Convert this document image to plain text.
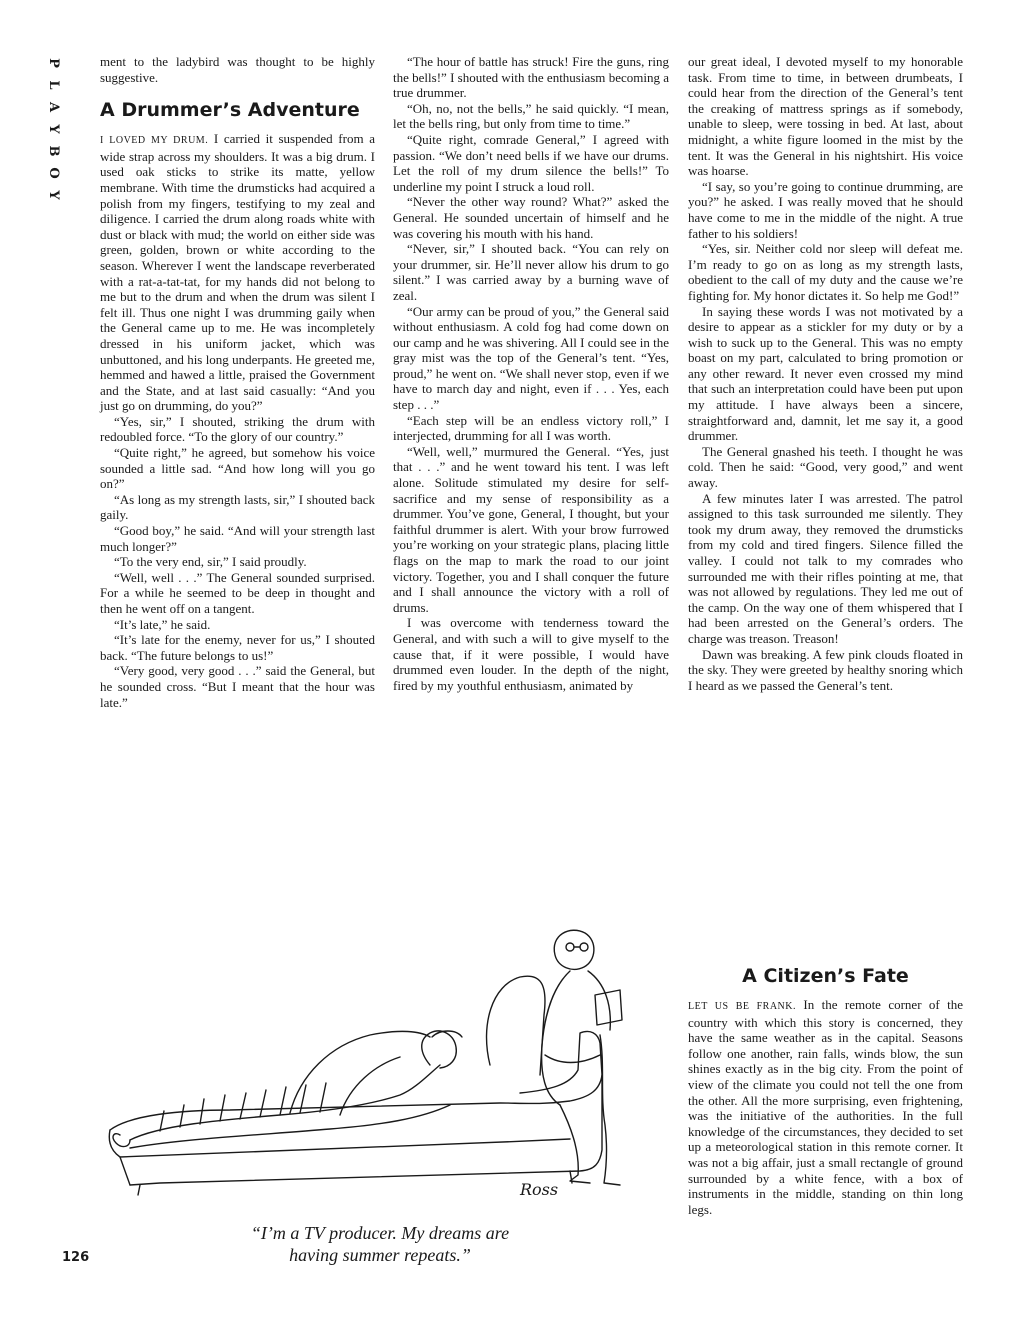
P
L
A
Y
B
O
Y

ment to the ladybird was thought to be highly suggestive.

A Drummer’s Adventure

I LOVED MY DRUM. I carried it suspended from a wide strap across my shoulders. It was a big drum. I used oak sticks to strike its matte, yellow membrane. With time the drumsticks had acquired a polish from my fingers, testifying to my zeal and diligence. I carried the drum along roads white with dust or black with mud; the world on either side was green, golden, brown or white according to the season. Wherever I went the landscape reverberated with a rat-a-tat-tat, for my hands did not belong to me but to the drum and when the drum was silent I felt ill. Thus one night I was drumming gaily when the General came up to me. He was incompletely dressed in his uniform jacket, which was unbuttoned, and his long underpants. He greeted me, hemmed and hawed a little, praised the Government and the State, and at last said casually: “And you just go on drumming, do you?”

“Yes, sir,” I shouted, striking the drum with redoubled force. “To the glory of our country.”

“Quite right,” he agreed, but somehow his voice sounded a little sad. “And how long will you go on?”

“As long as my strength lasts, sir,” I shouted back gaily.

“Good boy,” he said. “And will your strength last much longer?”

“To the very end, sir,” I said proudly.

“Well, well . . .” The General sounded surprised. For a while he seemed to be deep in thought and then he went off on a tangent.

“It’s late,” he said.

“It’s late for the enemy, never for us,” I shouted back. “The future belongs to us!”

“Very good, very good . . .” said the General, but he sounded cross. “But I meant that the hour was late.”

“The hour of battle has struck! Fire the guns, ring the bells!” I shouted with the enthusiasm becoming a true drummer.

“Oh, no, not the bells,” he said quickly. “I mean, let the bells ring, but only from time to time.”

“Quite right, comrade General,” I agreed with passion. “We don’t need bells if we have our drums. Let the roll of my drum silence the bells!” To underline my point I struck a loud roll.

“Never the other way round? What?” asked the General. He sounded uncertain of himself and he was covering his mouth with his hand.

“Never, sir,” I shouted back. “You can rely on your drummer, sir. He’ll never allow his drum to go silent.” I was carried away by a burning wave of zeal.

“Our army can be proud of you,” the General said without enthusiasm. A cold fog had come down on our camp and he was shivering. All I could see in the gray mist was the top of the General’s tent. “Yes, proud,” he went on. “We shall never stop, even if we have to march day and night, even if . . . Yes, each step . . .”

“Each step will be an endless victory roll,” I interjected, drumming for all I was worth.

“Well, well,” murmured the General. “Yes, just that . . .” and he went toward his tent. I was left alone. Solitude stimulated my desire for self-sacrifice and my sense of responsibility as a drummer. You’ve gone, General, I thought, but your faithful drummer is alert. With your brow furrowed you’re working on your strategic plans, placing little flags on the map to mark the road to our joint victory. Together, you and I shall conquer the future and I shall announce the victory with a roll of drums.

I was overcome with tenderness toward the General, and with such a will to give myself to the cause that, if it were possible, I would have drummed even louder. In the depth of the night, fired by my youthful enthusiasm, animated by

our great ideal, I devoted myself to my honorable task. From time to time, in between drumbeats, I could hear from the direction of the General’s tent the creaking of mattress springs as if somebody, unable to sleep, were tossing in bed. At last, about midnight, a white figure loomed in the mist by the tent. It was the General in his nightshirt. His voice was hoarse.

“I say, so you’re going to continue drumming, are you?” he asked. I was really moved that he should have come to me in the middle of the night. A true father to his soldiers!

“Yes, sir. Neither cold nor sleep will defeat me. I’m ready to go on as long as my strength lasts, obedient to the call of my duty and the cause we’re fighting for. My honor dictates it. So help me God!”

In saying these words I was not motivated by a desire to appear as a stickler for my duty or by a wish to suck up to the General. This was no empty boast on my part, calculated to bring promotion or any other reward. It never even crossed my mind that such an interpretation could have been put upon my attitude. I have always been a sincere, straightforward and, damnit, let me say it, a good drummer.

The General gnashed his teeth. I thought he was cold. Then he said: “Good, very good,” and went away.

A few minutes later I was arrested. The patrol assigned to this task surrounded me silently. They took my drum away, they removed the drumsticks from my cold and tired fingers. Silence filled the valley. I could not talk to my comrades who surrounded me with their rifles pointing at me, that was not allowed by regulations. They led me out of the camp. On the way one of them whispered that I had been arrested on the General’s orders. The charge was treason. Treason!

Dawn was breaking. A few pink clouds floated in the sky. They were greeted by healthy snoring which I heard as we passed the General’s tent.

A Citizen’s Fate

LET US BE FRANK. In the remote corner of the country with which this story is concerned, they have the same weather as in the capital. Seasons follow one another, rain falls, winds blow, the sun shines exactly as in the big city. From the point of view of the climate you could not tell the one from the other. All the more surprising, even frightening, was the initiative of the authorities. In the full knowledge of the circumstances, they decided to set up a meteorological station in this remote corner. It was not a big affair, just a small rectangle of ground surrounded by a white fence, with a box of instruments in the middle, standing on thin long legs.

Ross
“I’m a TV producer. My dreams are
having summer repeats.”
126
